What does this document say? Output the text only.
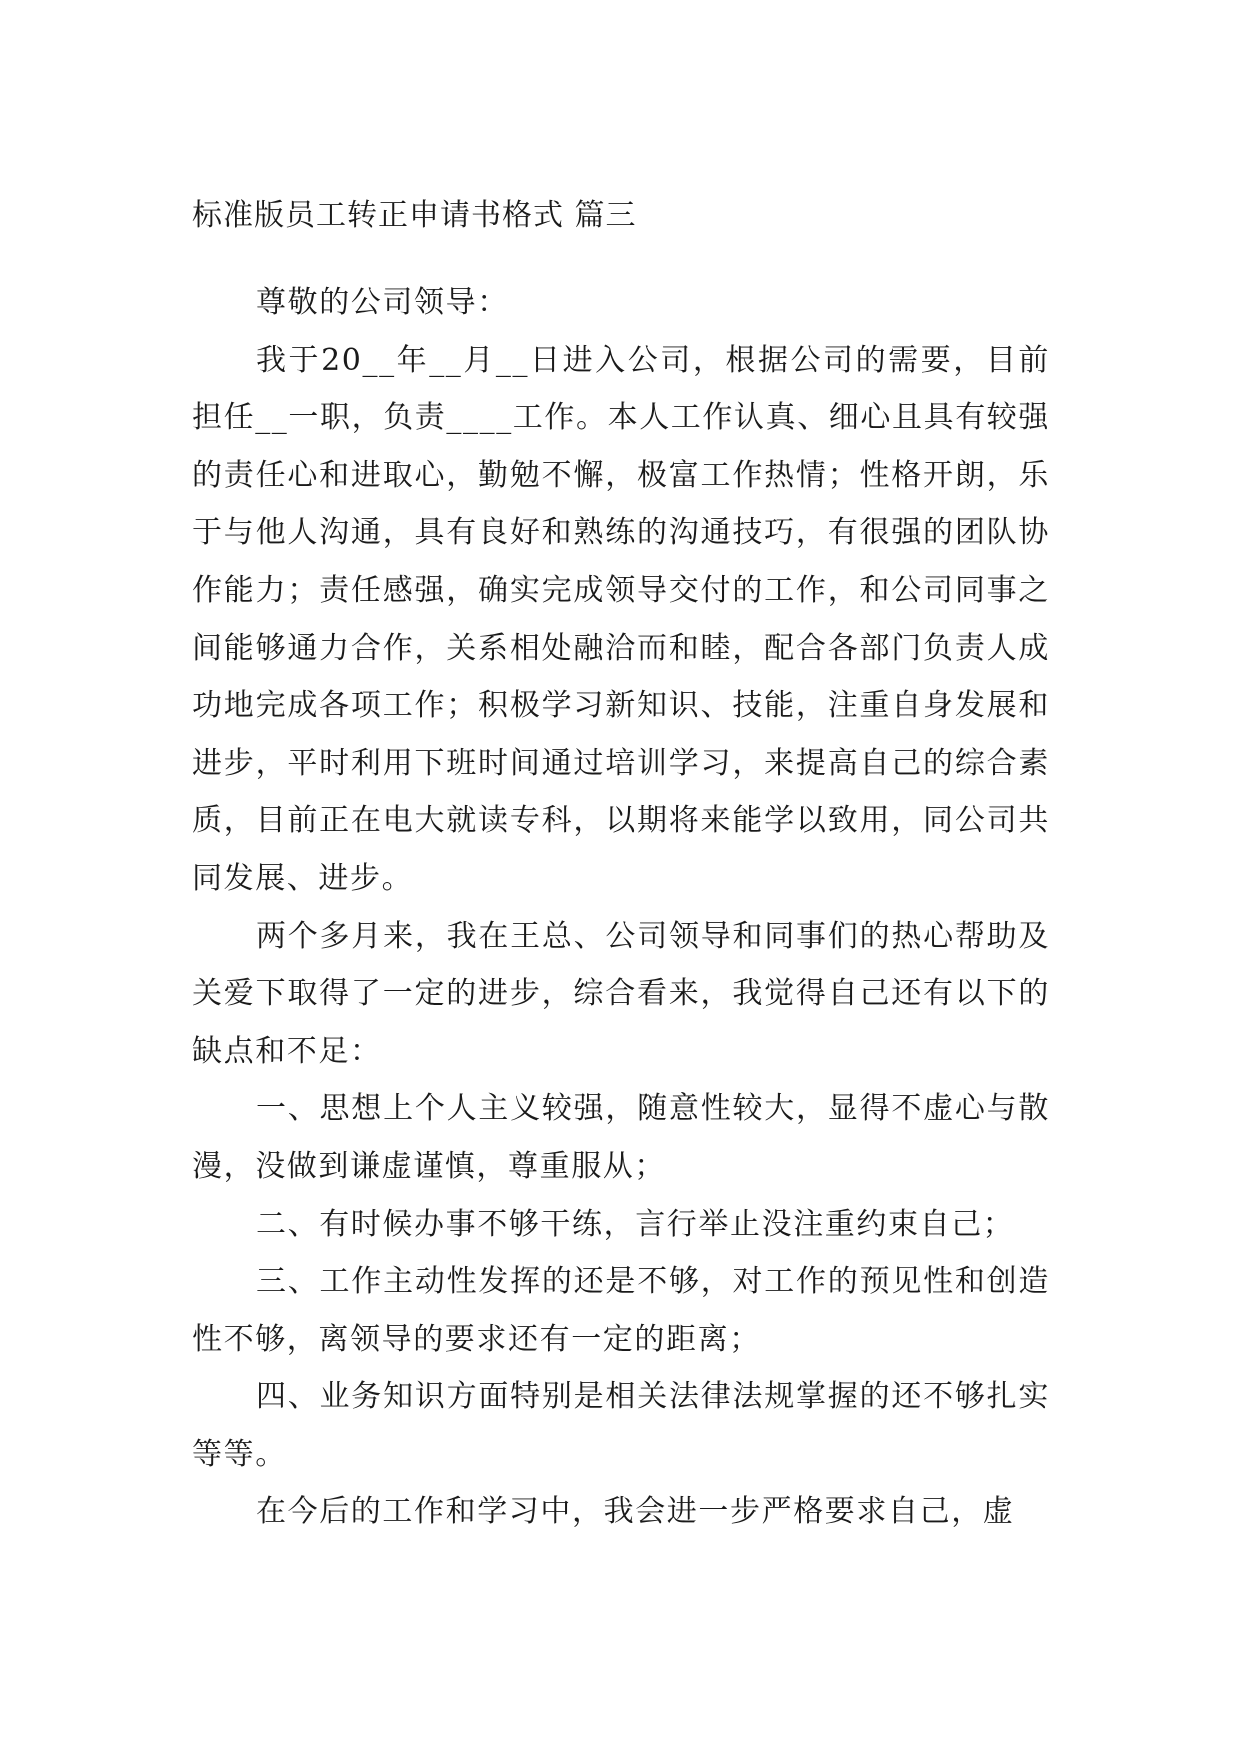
标准版员工转正申请书格式 篇三

尊敬的公司领导：

我于20__年__月__日进入公司，根据公司的需要，目前担任__一职，负责____工作。本人工作认真、细心且具有较强的责任心和进取心，勤勉不懈，极富工作热情；性格开朗，乐于与他人沟通，具有良好和熟练的沟通技巧，有很强的团队协作能力；责任感强，确实完成领导交付的工作，和公司同事之间能够通力合作，关系相处融洽而和睦，配合各部门负责人成功地完成各项工作；积极学习新知识、技能，注重自身发展和进步，平时利用下班时间通过培训学习，来提高自己的综合素质，目前正在电大就读专科，以期将来能学以致用，同公司共同发展、进步。

两个多月来，我在王总、公司领导和同事们的热心帮助及关爱下取得了一定的进步，综合看来，我觉得自己还有以下的缺点和不足：

一、思想上个人主义较强，随意性较大，显得不虚心与散漫，没做到谦虚谨慎，尊重服从；

二、有时候办事不够干练，言行举止没注重约束自己；

三、工作主动性发挥的还是不够，对工作的预见性和创造性不够，离领导的要求还有一定的距离；

四、业务知识方面特别是相关法律法规掌握的还不够扎实等等。

在今后的工作和学习中，我会进一步严格要求自己，虚
